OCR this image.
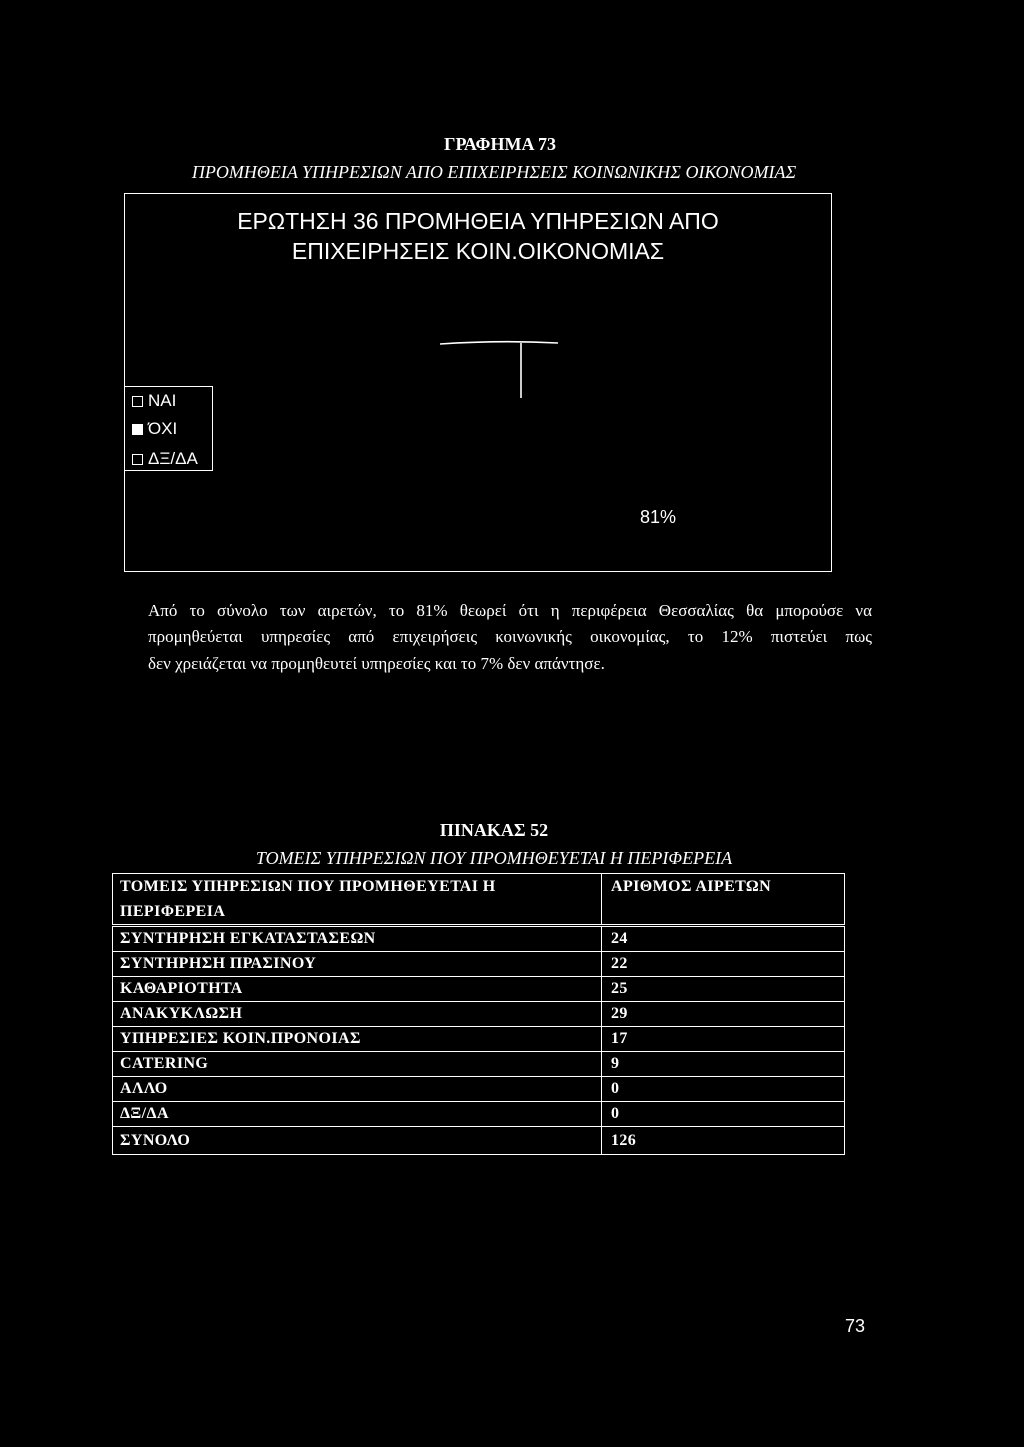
ΓΡΑΦΗΜΑ 73
ΠΡΟΜΗΘΕΙΑ ΥΠΗΡΕΣΙΩΝ ΑΠΟ ΕΠΙΧΕΙΡΗΣΕΙΣ ΚΟΙΝΩΝΙΚΗΣ ΟΙΚΟΝΟΜΙΑΣ
ΕΡΩΤΗΣΗ 36 ΠΡΟΜΗΘΕΙΑ ΥΠΗΡΕΣΙΩΝ ΑΠΟ
ΕΠΙΧΕΙΡΗΣΕΙΣ ΚΟΙΝ.ΟΙΚΟΝΟΜΙΑΣ
ΝΑΙ
ΌΧΙ
ΔΞ/ΔΑ
81%
Από το σύνολο των αιρετών, το 81% θεωρεί ότι η περιφέρεια Θεσσαλίας θα μπορούσε να
προμηθεύεται υπηρεσίες από επιχειρήσεις κοινωνικής οικονομίας, το 12% πιστεύει πως
δεν χρειάζεται να προμηθευτεί υπηρεσίες και το 7% δεν απάντησε.
ΠΙΝΑΚΑΣ 52
ΤΟΜΕΙΣ ΥΠΗΡΕΣΙΩΝ ΠΟΥ ΠΡΟΜΗΘΕΥΕΤΑΙ Η ΠΕΡΙΦΕΡΕΙΑ
ΤΟΜΕΙΣ ΥΠΗΡΕΣΙΩΝ ΠΟΥ ΠΡΟΜΗΘΕΥΕΤΑΙ Η ΠΕΡΙΦΕΡΕΙΑ	ΑΡΙΘΜΟΣ ΑΙΡΕΤΩΝ
ΣΥΝΤΗΡΗΣΗ ΕΓΚΑΤΑΣΤΑΣΕΩΝ	24
ΣΥΝΤΗΡΗΣΗ ΠΡΑΣΙΝΟΥ	22
ΚΑΘΑΡΙΟΤΗΤΑ	25
ΑΝΑΚΥΚΛΩΣΗ	29
ΥΠΗΡΕΣΙΕΣ ΚΟΙΝ.ΠΡΟΝΟΙΑΣ	17
CATERING	9
ΑΛΛΟ	0
ΔΞ/ΔΑ	0
ΣΥΝΟΛΟ	126
73
